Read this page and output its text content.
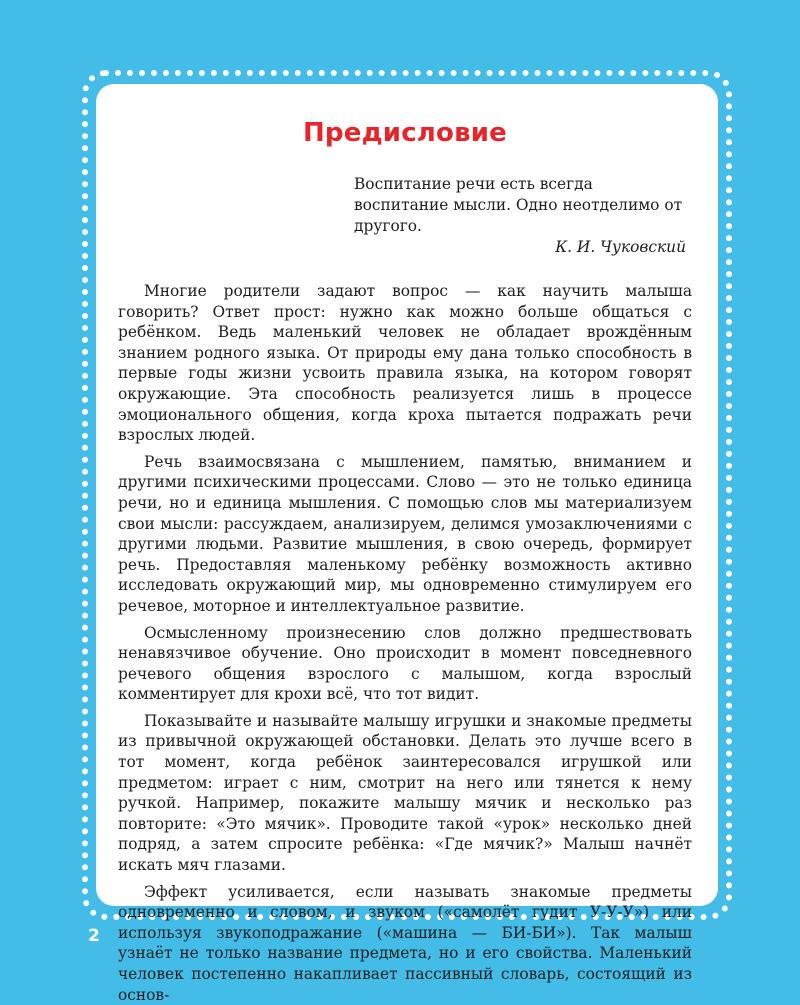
Предисловие

Воспитание речи есть всегда воспитание мысли. Одно неотделимо от другого.

К. И. Чуковский

Многие родители задают вопрос — как научить малыша говорить? Ответ прост: нужно как можно больше общаться с ребёнком. Ведь маленький человек не обладает врождённым знанием родного языка. От природы ему дана только способность в первые годы жизни усвоить правила языка, на котором говорят окружающие. Эта способность реализуется лишь в процессе эмоционального общения, когда кроха пытается подражать речи взрослых людей.

Речь взаимосвязана с мышлением, памятью, вниманием и другими психическими процессами. Слово — это не только единица речи, но и единица мышления. С помощью слов мы материализуем свои мысли: рассуждаем, анализируем, делимся умозаключениями с другими людьми. Развитие мышления, в свою очередь, формирует речь. Предоставляя маленькому ребёнку возможность активно исследовать окружающий мир, мы одновременно стимулируем его речевое, моторное и интеллектуальное развитие.

Осмысленному произнесению слов должно предшествовать ненавязчивое обучение. Оно происходит в момент повседневного речевого общения взрослого с малышом, когда взрослый комментирует для крохи всё, что тот видит.

Показывайте и называйте малышу игрушки и знакомые предметы из привычной окружающей обстановки. Делать это лучше всего в тот момент, когда ребёнок заинтересовался игрушкой или предметом: играет с ним, смотрит на него или тянется к нему ручкой. Например, покажите малышу мячик и несколько раз повторите: «Это мячик». Проводите такой «урок» несколько дней подряд, а затем спросите ребёнка: «Где мячик?» Малыш начнёт искать мяч глазами.

Эффект усиливается, если называть знакомые предметы одновременно и словом, и звуком («самолёт гудит У-У-У») или используя звукоподражание («машина — БИ-БИ»). Так малыш узнаёт не только название предмета, но и его свойства. Маленький человек постепенно накапливает пассивный словарь, состоящий из основ-

2
